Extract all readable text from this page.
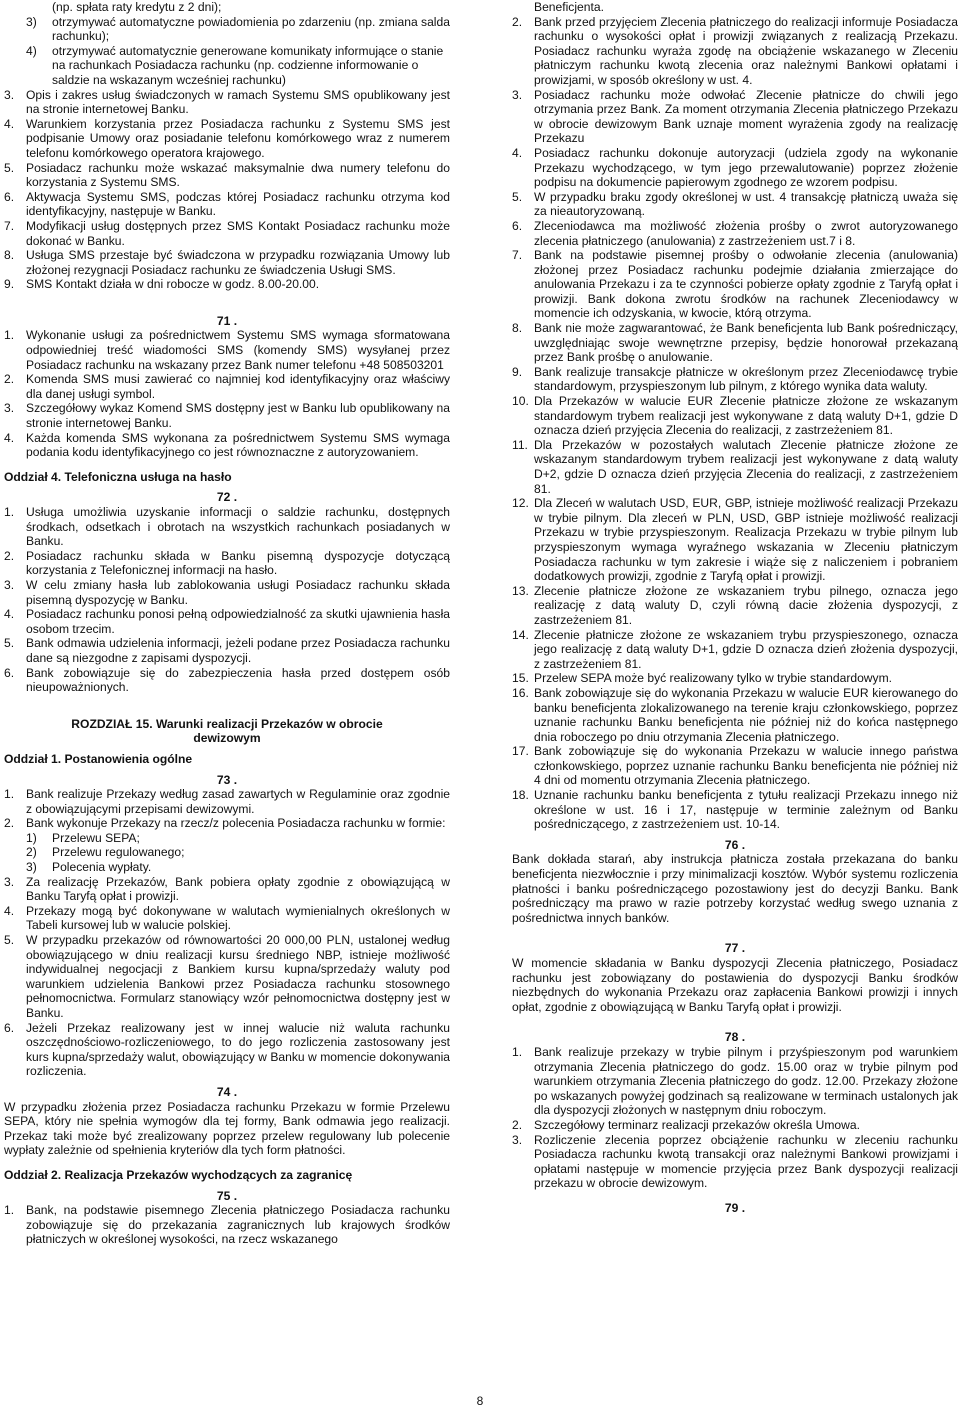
(np. spłata raty kredytu z 2 dni);
3)	otrzymywać automatyczne powiadomienia po zdarzeniu (np. zmiana salda rachunku);
4)	otrzymywać automatycznie generowane komunikaty informujące o stanie na rachunkach Posiadacza rachunku (np. codzienne informowanie o saldzie na wskazanym wcześniej rachunku)
3. Opis i zakres usług świadczonych w ramach Systemu SMS opublikowany jest na stronie internetowej Banku.
4. Warunkiem korzystania przez Posiadacza rachunku z Systemu SMS jest podpisanie Umowy oraz posiadanie telefonu komórkowego wraz z numerem telefonu komórkowego operatora krajowego.
5. Posiadacz rachunku może wskazać maksymalnie dwa numery telefonu do korzystania z Systemu SMS.
6. Aktywacja Systemu SMS, podczas której Posiadacz rachunku otrzyma kod identyfikacyjny, następuje w Banku.
7. Modyfikacji usług dostępnych przez SMS Kontakt Posiadacz rachunku może dokonać w Banku.
8. Usługa SMS przestaje być świadczona w przypadku rozwiązania Umowy lub złożonej rezygnacji Posiadacz rachunku ze świadczenia Usługi SMS.
9. SMS Kontakt działa w dni robocze w godz. 8.00-20.00.
71 .
1. Wykonanie usługi za pośrednictwem Systemu SMS wymaga sformatowana odpowiedniej treść wiadomości SMS (komendy SMS) wysyłanej przez Posiadacz rachunku na wskazany przez Bank numer telefonu +48 508503201
2. Komenda SMS musi zawierać co najmniej kod identyfikacyjny oraz właściwy dla danej usługi symbol.
3. Szczegółowy wykaz Komend SMS dostępny jest w Banku lub opublikowany na stronie internetowej Banku.
4. Każda komenda SMS wykonana za pośrednictwem Systemu SMS wymaga podania kodu identyfikacyjnego co jest równoznaczne z autoryzowaniem.
Oddział 4. Telefoniczna usługa na hasło
72 .
1. Usługa umożliwia uzyskanie informacji o saldzie rachunku, dostępnych środkach, odsetkach i obrotach na wszystkich rachunkach posiadanych w Banku.
2. Posiadacz rachunku składa w Banku pisemną dyspozycje dotyczącą korzystania z Telefonicznej informacji na hasło.
3. W celu zmiany hasła lub zablokowania usługi Posiadacz rachunku składa pisemną dyspozycję w Banku.
4. Posiadacz rachunku ponosi pełną odpowiedzialność za skutki ujawnienia hasła osobom trzecim.
5. Bank odmawia udzielenia informacji, jeżeli podane przez Posiadacza rachunku dane są niezgodne z zapisami dyspozycji.
6. Bank zobowiązuje się do zabezpieczenia hasła przed dostępem osób nieupoważnionych.
ROZDZIAŁ 15. Warunki realizacji Przekazów w obrocie dewizowym
Oddział 1. Postanowienia ogólne
73 .
1. Bank realizuje Przekazy według zasad zawartych w Regulaminie oraz zgodnie z obowiązującymi przepisami dewizowymi.
2. Bank wykonuje Przekazy na rzecz/z polecenia Posiadacza rachunku w formie:
1)	Przelewu SEPA;
2)	Przelewu regulowanego;
3)	Polecenia wypłaty.
3. Za realizację Przekazów, Bank pobiera opłaty zgodnie z obowiązującą w Banku Taryfą opłat i prowizji.
4. Przekazy mogą być dokonywane w walutach wymienialnych określonych w Tabeli kursowej lub w walucie polskiej.
5. W przypadku przekazów od równowartości 20 000,00 PLN, ustalonej według obowiązującego w dniu realizacji kursu średniego NBP, istnieje możliwość indywidualnej negocjacji z Bankiem kursu kupna/sprzedaży waluty pod warunkiem udzielenia Bankowi przez Posiadacza rachunku stosownego pełnomocnictwa. Formularz stanowiący wzór pełnomocnictwa dostępny jest w Banku.
6. Jeżeli Przekaz realizowany jest w innej walucie niż waluta rachunku oszczędnościowo-rozliczeniowego, to do jego rozliczenia zastosowany jest kurs kupna/sprzedaży walut, obowiązujący w Banku w momencie dokonywania rozliczenia.
74 .
W przypadku złożenia przez Posiadacza rachunku Przekazu w formie Przelewu SEPA, który nie spełnia wymogów dla tej formy, Bank odmawia jego realizacji. Przekaz taki może być zrealizowany poprzez przelew regulowany lub polecenie wypłaty zależnie od spełnienia kryteriów dla tych form płatności.
Oddział 2. Realizacja Przekazów wychodzących za zagranicę
75 .
1. Bank, na podstawie pisemnego Zlecenia płatniczego Posiadacza rachunku zobowiązuje się do przekazania zagranicznych lub krajowych środków płatniczych w określonej wysokości, na rzecz wskazanego
Beneficjenta.
2. Bank przed przyjęciem Zlecenia płatniczego do realizacji informuje Posiadacza rachunku o wysokości opłat i prowizji związanych z realizacją Przekazu. Posiadacz rachunku wyraża zgodę na obciążenie wskazanego w Zleceniu płatniczym rachunku kwotą zlecenia oraz należnymi Bankowi opłatami i prowizjami, w sposób określony w ust. 4.
3. Posiadacz rachunku może odwołać Zlecenie płatnicze do chwili jego otrzymania przez Bank. Za moment otrzymania Zlecenia płatniczego Przekazu w obrocie dewizowym Bank uznaje moment wyrażenia zgody na realizację Przekazu
4. Posiadacz rachunku dokonuje autoryzacji (udziela zgody na wykonanie Przekazu wychodzącego, w tym jego przewalutowanie) poprzez złożenie podpisu na dokumencie papierowym zgodnego ze wzorem podpisu.
5. W przypadku braku zgody określonej w ust. 4 transakcję płatniczą uważa się za nieautoryzowaną.
6. Zleceniodawca ma możliwość złożenia prośby o zwrot autoryzowanego zlecenia płatniczego (anulowania) z zastrzeżeniem ust.7 i 8.
7. Bank na podstawie pisemnej prośby o odwołanie zlecenia (anulowania) złożonej przez Posiadacz rachunku podejmie działania zmierzające do anulowania Przekazu i za te czynności pobierze opłaty zgodnie z Taryfą opłat i prowizji. Bank dokona zwrotu środków na rachunek Zleceniodawcy w momencie ich odzyskania, w kwocie, którą otrzyma.
8. Bank nie może zagwarantować, że Bank beneficjenta lub Bank pośredniczący, uwzględniając swoje wewnętrzne przepisy, będzie honorował przekazaną przez Bank prośbę o anulowanie.
9. Bank realizuje transakcje płatnicze w określonym przez Zleceniodawcę trybie standardowym, przyspieszonym lub pilnym, z którego wynika data waluty.
10. Dla Przekazów w walucie EUR Zlecenie płatnicze złożone ze wskazanym standardowym trybem realizacji jest wykonywane z datą waluty D+1, gdzie D oznacza dzień przyjęcia Zlecenia do realizacji, z zastrzeżeniem 81.
11. Dla Przekazów w pozostałych walutach Zlecenie płatnicze złożone ze wskazanym standardowym trybem realizacji jest wykonywane z datą waluty D+2, gdzie D oznacza dzień przyjęcia Zlecenia do realizacji, z zastrzeżeniem 81.
12. Dla Zleceń w walutach USD, EUR, GBP, istnieje możliwość realizacji Przekazu w trybie pilnym. Dla zleceń w PLN, USD, GBP istnieje możliwość realizacji Przekazu w trybie przyspieszonym. Realizacja Przekazu w trybie pilnym lub przyspieszonym wymaga wyraźnego wskazania w Zleceniu płatniczym Posiadacza rachunku w tym zakresie i wiąże się z naliczeniem i pobraniem dodatkowych prowizji, zgodnie z Taryfą opłat i prowizji.
13. Zlecenie płatnicze złożone ze wskazaniem trybu pilnego, oznacza jego realizację z datą waluty D, czyli równą dacie złożenia dyspozycji, z zastrzeżeniem 81.
14. Zlecenie płatnicze złożone ze wskazaniem trybu przyspieszonego, oznacza jego realizację z datą waluty D+1, gdzie D oznacza dzień złożenia dyspozycji, z zastrzeżeniem 81.
15. Przelew SEPA może być realizowany tylko w trybie standardowym.
16. Bank zobowiązuje się do wykonania Przekazu w walucie EUR kierowanego do banku beneficjenta zlokalizowanego na terenie kraju członkowskiego, poprzez uznanie rachunku Banku beneficjenta nie później niż do końca następnego dnia roboczego po dniu otrzymania Zlecenia płatniczego.
17. Bank zobowiązuje się do wykonania Przekazu w walucie innego państwa członkowskiego, poprzez uznanie rachunku Banku beneficjenta nie później niż 4 dni od momentu otrzymania Zlecenia płatniczego.
18. Uznanie rachunku banku beneficjenta z tytułu realizacji Przekazu innego niż określone w ust. 16 i 17, następuje w terminie zależnym od Banku pośredniczącego, z zastrzeżeniem ust. 10-14.
76 .
Bank dokłada starań, aby instrukcja płatnicza została przekazana do banku beneficjenta niezwłocznie i przy minimalizacji kosztów. Wybór systemu rozliczenia płatności i banku pośredniczącego pozostawiony jest do decyzji Banku. Bank pośredniczący ma prawo w razie potrzeby korzystać według swego uznania z pośrednictwa innych banków.
77 .
W momencie składania w Banku dyspozycji Zlecenia płatniczego, Posiadacz rachunku jest zobowiązany do postawienia do dyspozycji Banku środków niezbędnych do wykonania Przekazu oraz zapłacenia Bankowi prowizji i innych opłat, zgodnie z obowiązującą w Banku Taryfą opłat i prowizji.
78 .
1. Bank realizuje przekazy w trybie pilnym i przyśpieszonym pod warunkiem otrzymania Zlecenia płatniczego do godz. 15.00 oraz w trybie pilnym pod warunkiem otrzymania Zlecenia płatniczego do godz. 12.00. Przekazy złożone po wskazanych powyżej godzinach są realizowane w terminach ustalonych jak dla dyspozycji złożonych w następnym dniu roboczym.
2. Szczegółowy terminarz realizacji przekazów określa Umowa.
3. Rozliczenie zlecenia poprzez obciążenie rachunku w zleceniu rachunku Posiadacza rachunku kwotą transakcji oraz należnymi Bankowi prowizjami i opłatami następuje w momencie przyjęcia przez Bank dyspozycji realizacji przekazu w obrocie dewizowym.
79 .
8
